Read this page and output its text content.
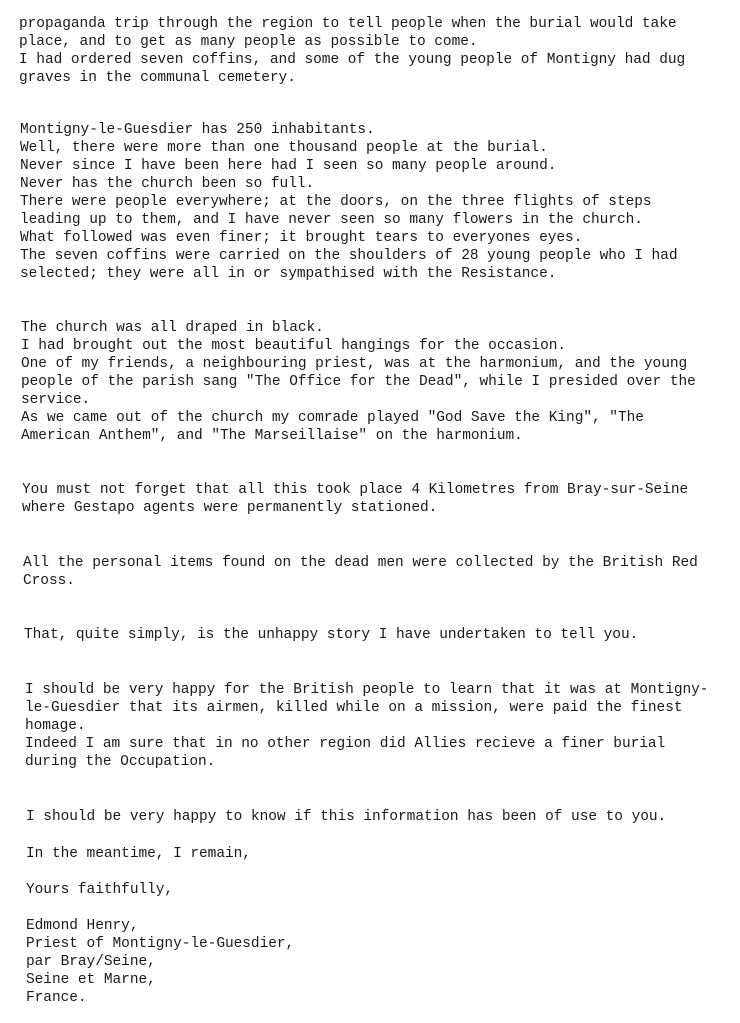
propaganda trip through the region to tell people when the burial would take
place, and to get as many people as possible to come.
I had ordered seven coffins, and some of the young people of Montigny had dug
graves in the communal cemetery.
Montigny-le-Guesdier has 250 inhabitants.
Well, there were more than one thousand people at the burial.
Never since I have been here had I seen so many people around.
Never has the church been so full.
There were people everywhere; at the doors, on the three flights of steps
leading up to them, and I have never seen so many flowers in the church.
What followed was even finer; it brought tears to everyones eyes.
The seven coffins were carried on the shoulders of 28 young people who I had
selected; they were all in or sympathised with the Resistance.
The church was all draped in black.
I had brought out the most beautiful hangings for the occasion.
One of my friends, a neighbouring priest, was at the harmonium, and the young
people of the parish sang "The Office for the Dead", while I presided over the
service.
As we came out of the church my comrade played "God Save the King", "The
American Anthem", and "The Marseillaise" on the harmonium.
You must not forget that all this took place 4 Kilometres from Bray-sur-Seine
where Gestapo agents were permanently stationed.
All the personal items found on the dead men were collected by the British Red
Cross.
That, quite simply, is the unhappy story I have undertaken to tell you.
I should be very happy for the British people to learn that it was at Montigny-
le-Guesdier that its airmen, killed while on a mission, were paid the finest
homage.
Indeed I am sure that in no other region did Allies recieve a finer burial
during the Occupation.
I should be very happy to know if this information has been of use to you.
In the meantime, I remain,
Yours faithfully,
Edmond Henry,
Priest of Montigny-le-Guesdier,
par Bray/Seine,
Seine et Marne,
France.
